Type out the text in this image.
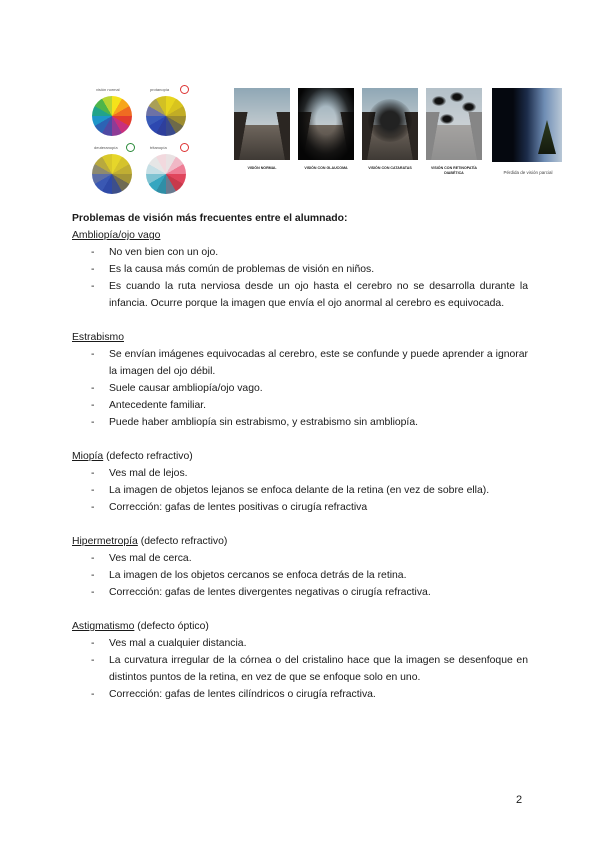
visión normal	protanopía
deuteranopía	tritanopía
VISIÓN NORMAL	VISIÓN CON GLAUCOMA	VISIÓN CON CATARATAS	VISIÓN CON RETINOPATÍA DIABÉTICA	Pérdida de visión parcial

Problemas de visión más frecuentes entre el alumnado:

Ambliopía/ojo vago

- No ven bien con un ojo.
- Es la causa más común de problemas de visión en niños.
- Es cuando la ruta nerviosa desde un ojo hasta el cerebro no se desarrolla durante la infancia. Ocurre porque la imagen que envía el ojo anormal al cerebro es equivocada.

Estrabismo

- Se envían imágenes equivocadas al cerebro, este se confunde y puede aprender a ignorar la imagen del ojo débil.
- Suele causar ambliopía/ojo vago.
- Antecedente familiar.
- Puede haber ambliopía sin estrabismo, y estrabismo sin ambliopía.

Miopía (defecto refractivo)

- Ves mal de lejos.
- La imagen de objetos lejanos se enfoca delante de la retina (en vez de sobre ella).
- Corrección: gafas de lentes positivas o cirugía refractiva

Hipermetropía (defecto refractivo)

- Ves mal de cerca.
- La imagen de los objetos cercanos se enfoca detrás de la retina.
- Corrección: gafas de lentes divergentes negativas o cirugía refractiva.

Astigmatismo (defecto óptico)

- Ves mal a cualquier distancia.
- La curvatura irregular de la córnea o del cristalino hace que la imagen se desenfoque en distintos puntos de la retina, en vez de que se enfoque solo en uno.
- Corrección: gafas de lentes cilíndricos o cirugía refractiva.
2
